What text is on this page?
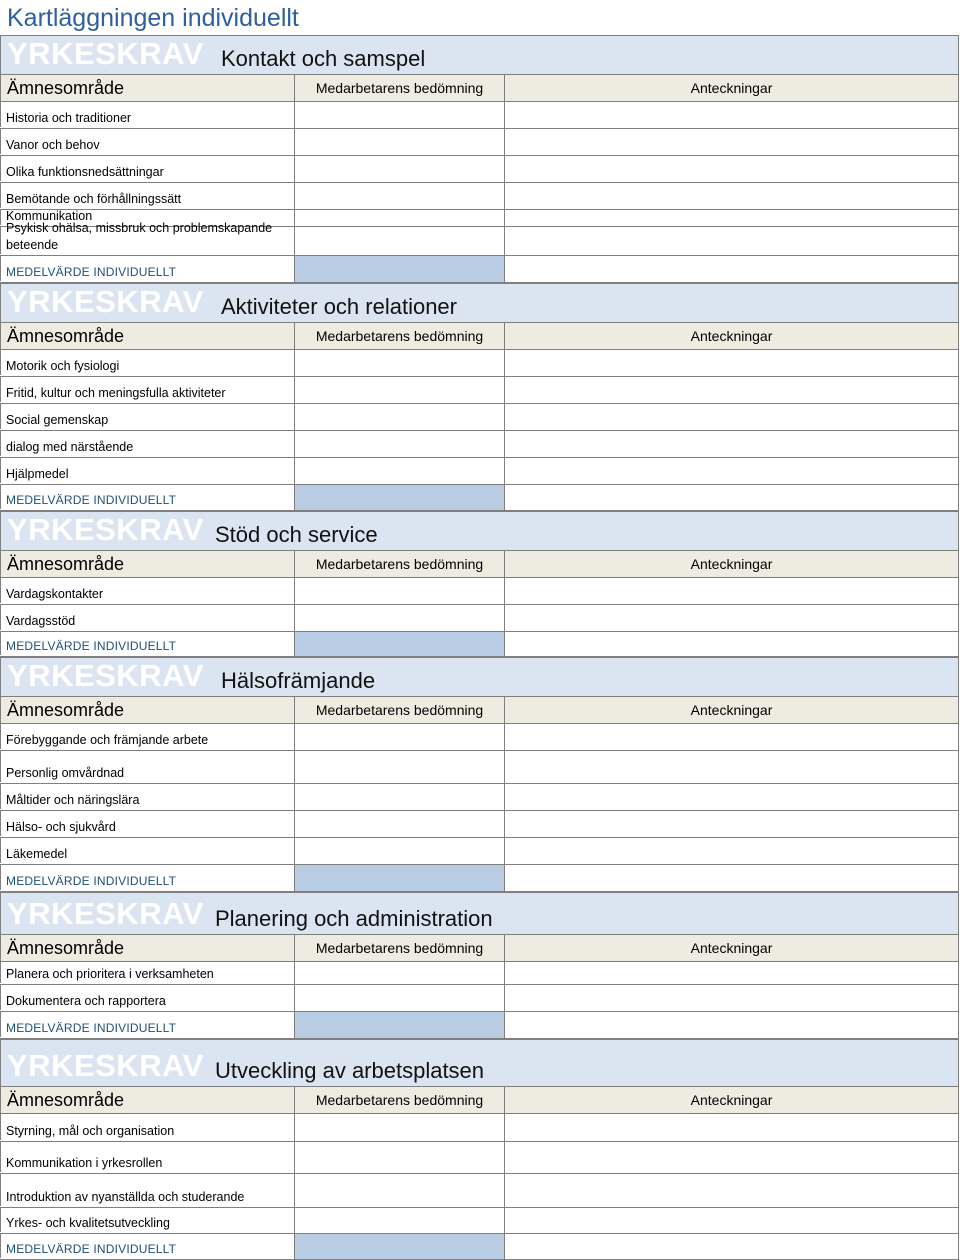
Kartläggningen individuellt
YRKESKRAV Kontakt och samspel
Ämnesområde	Medarbetarens bedömning	Anteckningar
Historia och traditioner
Vanor och behov
Olika funktionsnedsättningar
Bemötande och förhållningssätt
Kommunikation
Psykisk ohälsa, missbruk och problemskapande beteende
MEDELVÄRDE INDIVIDUELLT
YRKESKRAV Aktiviteter och relationer
Ämnesområde	Medarbetarens bedömning	Anteckningar
Motorik och fysiologi
Fritid, kultur och meningsfulla aktiviteter
Social gemenskap
dialog med närstående
Hjälpmedel
MEDELVÄRDE INDIVIDUELLT
YRKESKRAV Stöd och service
Ämnesområde	Medarbetarens bedömning	Anteckningar
Vardagskontakter
Vardagsstöd
MEDELVÄRDE INDIVIDUELLT
YRKESKRAV Hälsofrämjande
Ämnesområde	Medarbetarens bedömning	Anteckningar
Förebyggande och främjande arbete
Personlig omvårdnad
Måltider och näringslära
Hälso- och sjukvård
Läkemedel
MEDELVÄRDE INDIVIDUELLT
YRKESKRAV Planering och administration
Ämnesområde	Medarbetarens bedömning	Anteckningar
Planera och prioritera i verksamheten
Dokumentera och rapportera
MEDELVÄRDE INDIVIDUELLT
YRKESKRAV Utveckling av arbetsplatsen
Ämnesområde	Medarbetarens bedömning	Anteckningar
Styrning, mål och organisation
Kommunikation i yrkesrollen
Introduktion av nyanställda och studerande
Yrkes- och kvalitetsutveckling
MEDELVÄRDE INDIVIDUELLT
